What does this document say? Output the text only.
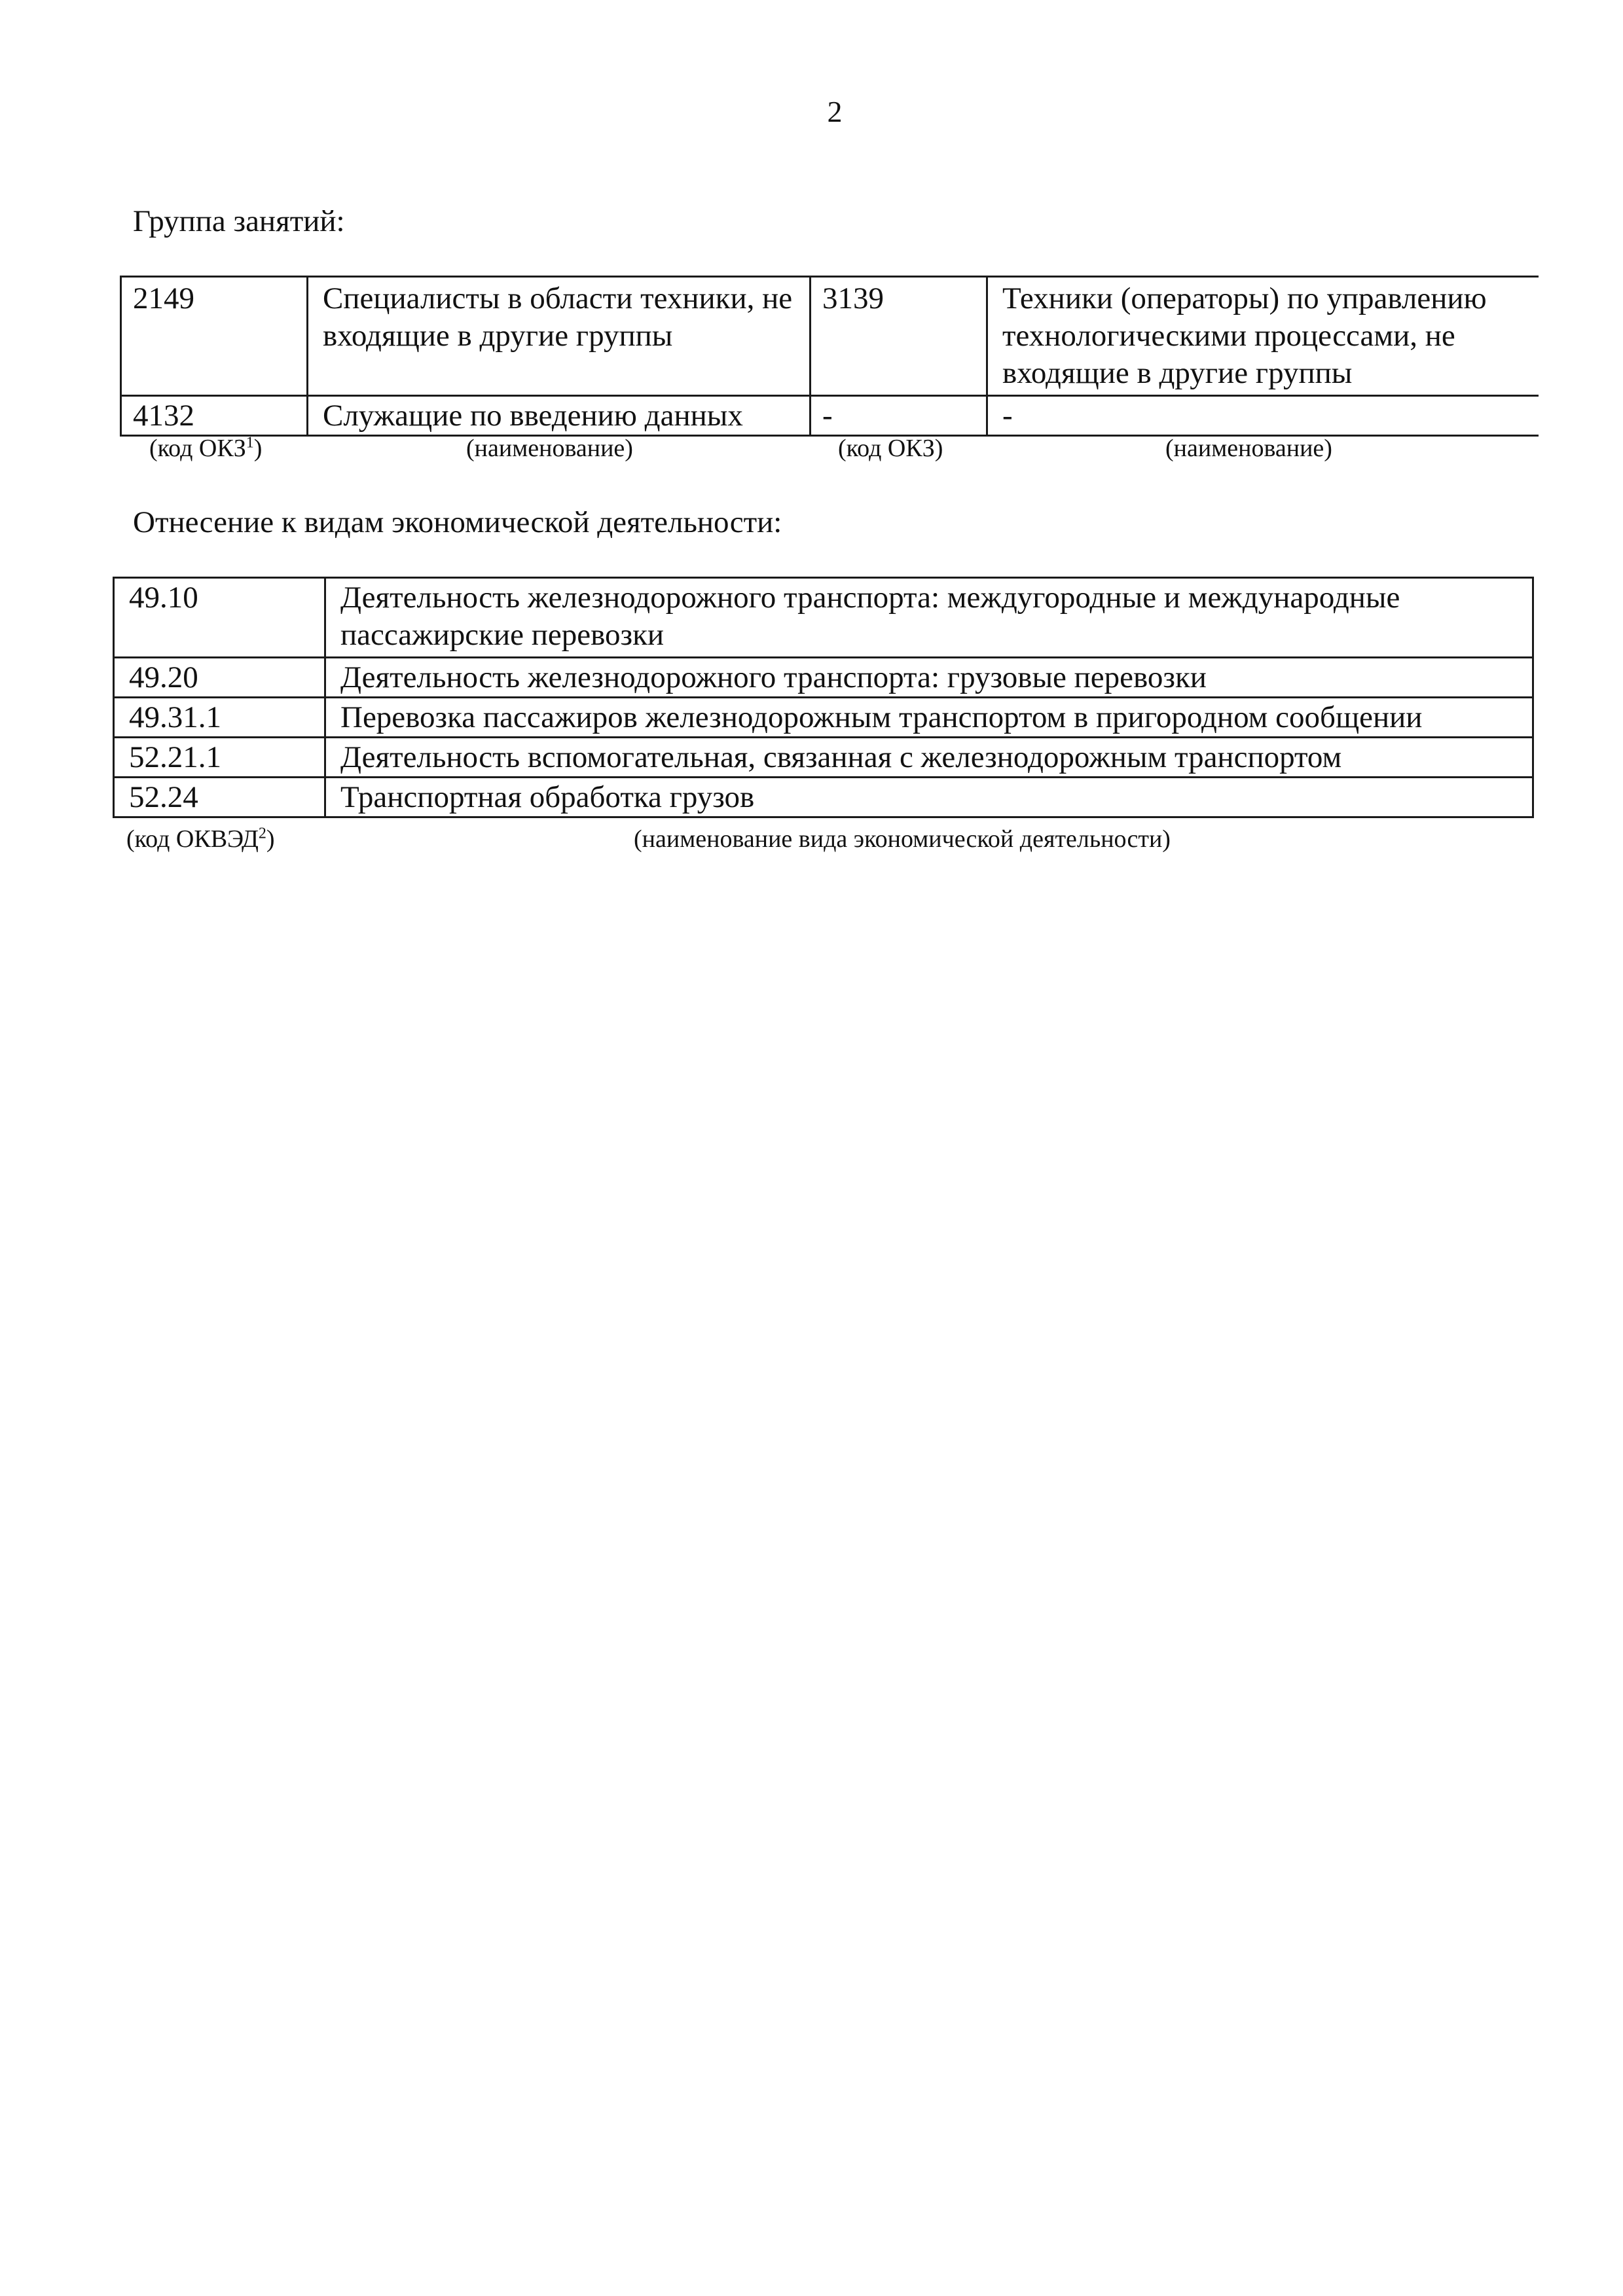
2
Группа занятий:
2149	Специалисты в области техники, не входящие в другие группы	3139	Техники (операторы) по управлению технологическими процессами, не входящие в другие группы
4132	Служащие по введению данных	-	-
(код ОКЗ$^1$)	(наименование)	(код ОКЗ)	(наименование)
Отнесение к видам экономической деятельности:
49.10	Деятельность железнодорожного транспорта: междугородные и международные пассажирские перевозки
49.20	Деятельность железнодорожного транспорта: грузовые перевозки
49.31.1	Перевозка пассажиров железнодорожным транспортом в пригородном сообщении
52.21.1	Деятельность вспомогательная, связанная с железнодорожным транспортом
52.24	Транспортная обработка грузов
(код ОКВЭД$^2$)	(наименование вида экономической деятельности)
